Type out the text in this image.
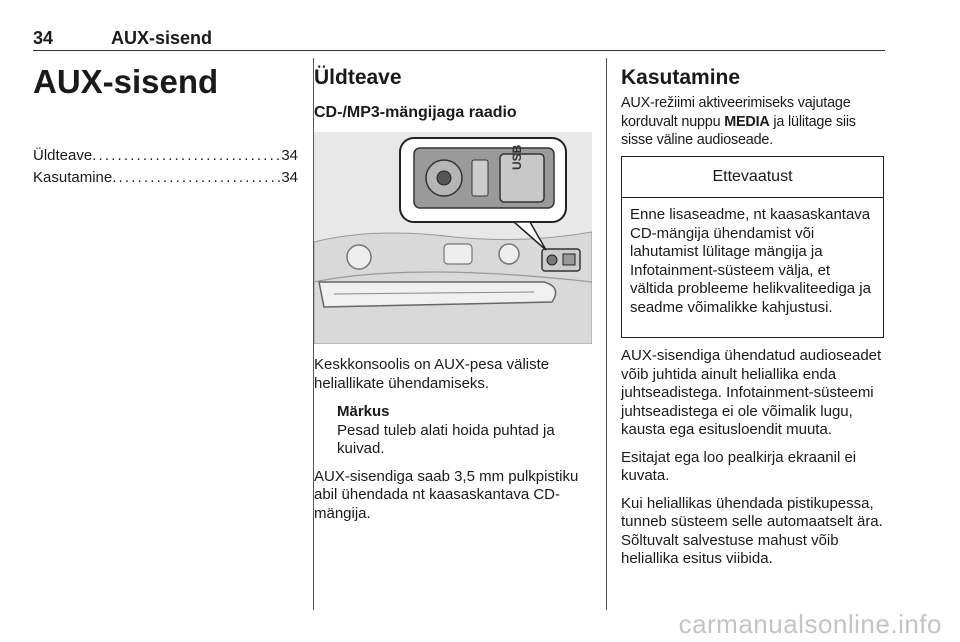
34	AUX-sisend
AUX-sisend
Üldteave . . .	34
Kasutamine . . .	34
Üldteave
CD-/MP3-mängijaga raadio
USB

Keskkonsoolis on AUX-pesa väliste heliallikate ühendamiseks.

Märkus

Pesad tuleb alati hoida puhtad ja kuivad.

AUX-sisendiga saab 3,5 mm pulkpistiku abil ühendada nt kaasaskantava CD-mängija.

Kasutamine

AUX-režiimi aktiveerimiseks vajutage korduvalt nuppu MEDIA ja lülitage siis sisse väline audioseade.

Ettevaatust
Enne lisaseadme, nt kaasaskantava CD-mängija ühendamist või lahutamist lülitage mängija ja Infotainment-süsteem välja, et vältida probleeme helikvaliteediga ja seadme võimalikke kahjustusi.

AUX-sisendiga ühendatud audioseadet võib juhtida ainult heliallika enda juhtseadistega. Infotainment-süsteemi juhtseadistega ei ole võimalik lugu, kausta ega esitusloendit muuta.

Esitajat ega loo pealkirja ekraanil ei kuvata.

Kui heliallikas ühendada pistikupessa, tunneb süsteem selle automaatselt ära. Sõltuvalt salvestuse mahust võib heliallika esitus viibida.

carmanualsonline.info
